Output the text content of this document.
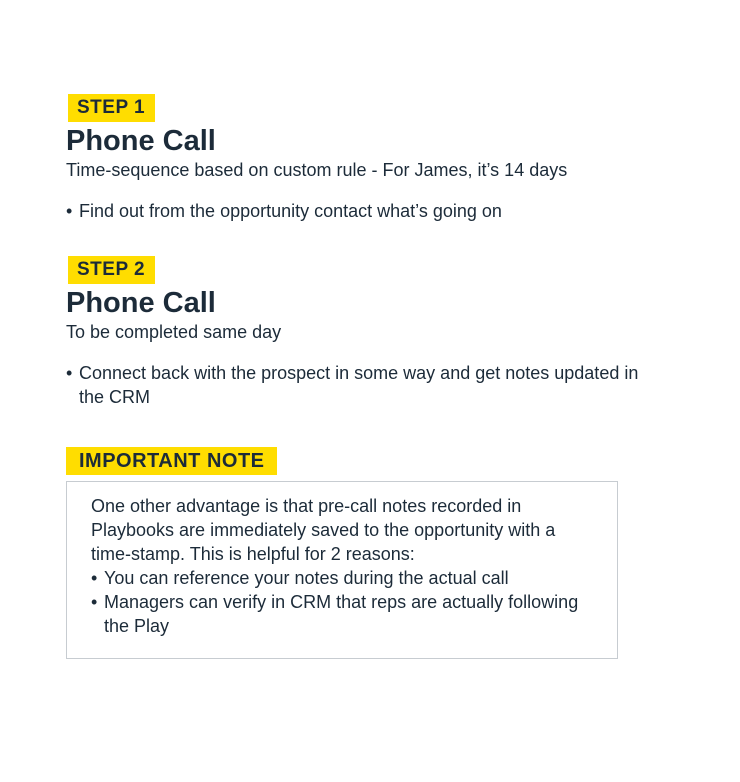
STEP 1
Phone Call

Time-sequence based on custom rule - For James, it’s 14 days

• Find out from the opportunity contact what’s going on
STEP 2
Phone Call

To be completed same day

• Connect back with the prospect in some way and get notes updated in the CRM
IMPORTANT NOTE

One other advantage is that pre-call notes recorded in Playbooks are immediately saved to the opportunity with a time-stamp. This is helpful for 2 reasons:

• You can reference your notes during the actual call
• Managers can verify in CRM that reps are actually following the Play
